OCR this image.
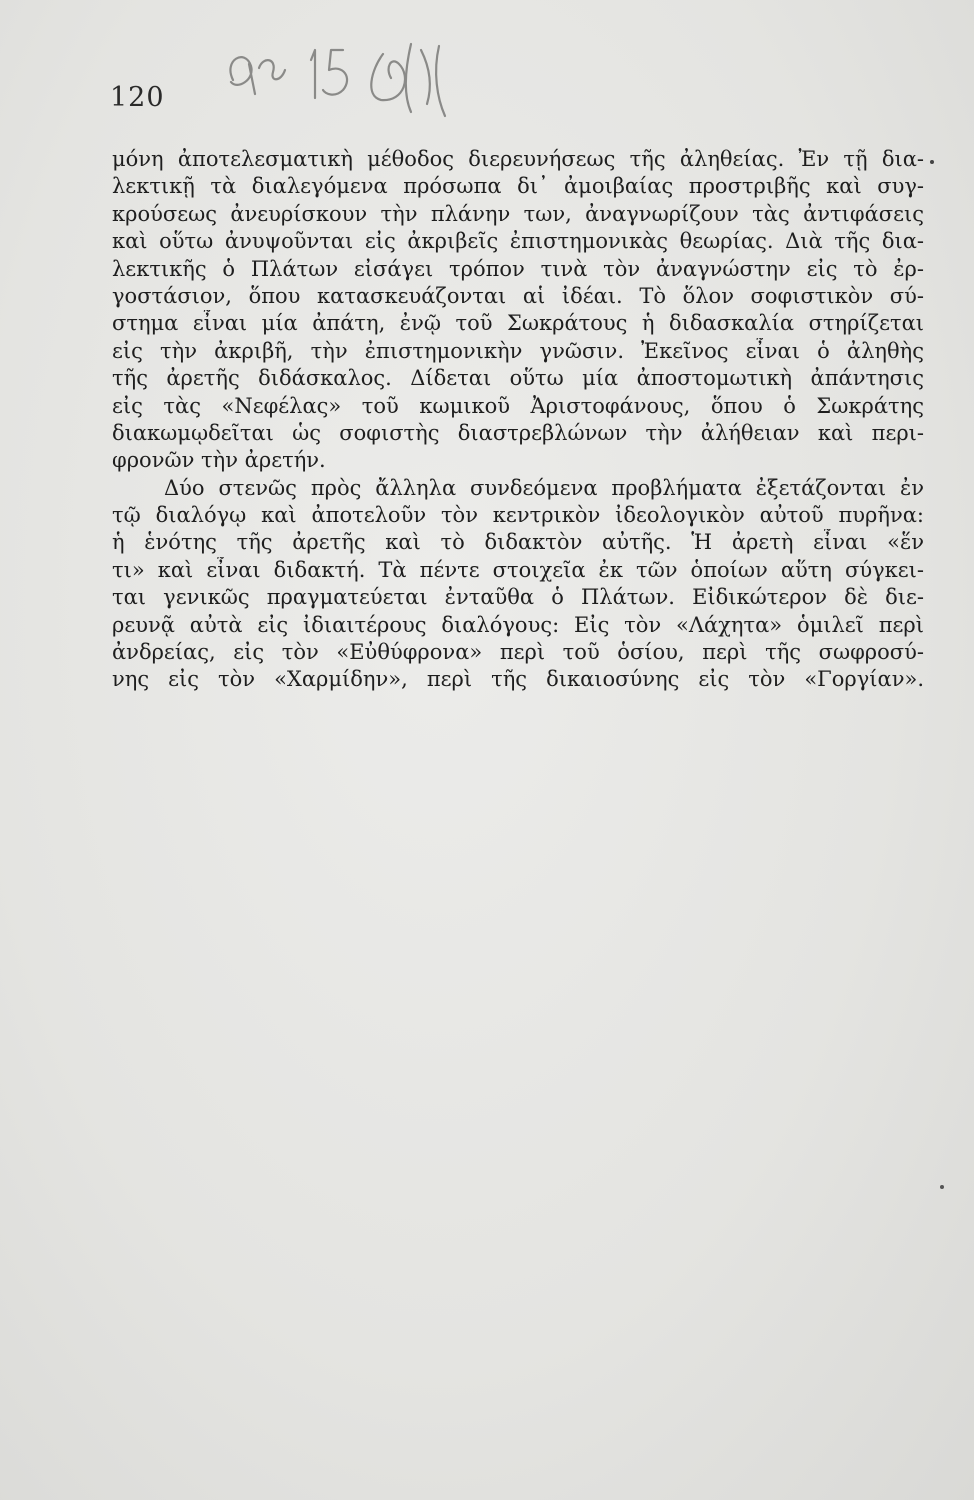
120
μόνη ἀποτελεσματικὴ μέθοδος διερευνήσεως τῆς ἀληθείας. Ἐν τῇ δια-
λεκτικῇ τὰ διαλεγόμενα πρόσωπα δι᾽ ἀμοιβαίας προστριβῆς καὶ συγ-
κρούσεως ἀνευρίσκουν τὴν πλάνην των, ἀναγνωρίζουν τὰς ἀντιφάσεις
καὶ οὕτω ἀνυψοῦνται εἰς ἀκριβεῖς ἐπιστημονικὰς θεωρίας. Διὰ τῆς δια-
λεκτικῆς ὁ Πλάτων εἰσάγει τρόπον τινὰ τὸν ἀναγνώστην εἰς τὸ ἐρ-
γοστάσιον, ὅπου κατασκευάζονται αἱ ἰδέαι. Τὸ ὅλον σοφιστικὸν σύ-
στημα εἶναι μία ἀπάτη, ἐνῷ τοῦ Σωκράτους ἡ διδασκαλία στηρίζεται
εἰς τὴν ἀκριβῆ, τὴν ἐπιστημονικὴν γνῶσιν. Ἐκεῖνος εἶναι ὁ ἀληθὴς
τῆς ἀρετῆς διδάσκαλος. Δίδεται οὕτω μία ἀποστομωτικὴ ἀπάντησις
εἰς τὰς «Νεφέλας» τοῦ κωμικοῦ Ἀριστοφάνους, ὅπου ὁ Σωκράτης
διακωμῳδεῖται ὡς σοφιστὴς διαστρεβλώνων τὴν ἀλήθειαν καὶ περι-
φρονῶν τὴν ἀρετήν.
Δύο στενῶς πρὸς ἄλληλα συνδεόμενα προβλήματα ἐξετάζονται ἐν
τῷ διαλόγῳ καὶ ἀποτελοῦν τὸν κεντρικὸν ἰδεολογικὸν αὐτοῦ πυρῆνα:
ἡ ἑνότης τῆς ἀρετῆς καὶ τὸ διδακτὸν αὐτῆς. Ἡ ἀρετὴ εἶναι «ἕν
τι» καὶ εἶναι διδακτή. Τὰ πέντε στοιχεῖα ἐκ τῶν ὁποίων αὕτη σύγκει-
ται γενικῶς πραγματεύεται ἐνταῦθα ὁ Πλάτων. Εἰδικώτερον δὲ διε-
ρευνᾷ αὐτὰ εἰς ἰδιαιτέρους διαλόγους: Εἰς τὸν «Λάχητα» ὁμιλεῖ περὶ
ἀνδρείας, εἰς τὸν «Εὐθύφρονα» περὶ τοῦ ὁσίου, περὶ τῆς σωφροσύ-
νης εἰς τὸν «Χαρμίδην», περὶ τῆς δικαιοσύνης εἰς τὸν «Γοργίαν».
